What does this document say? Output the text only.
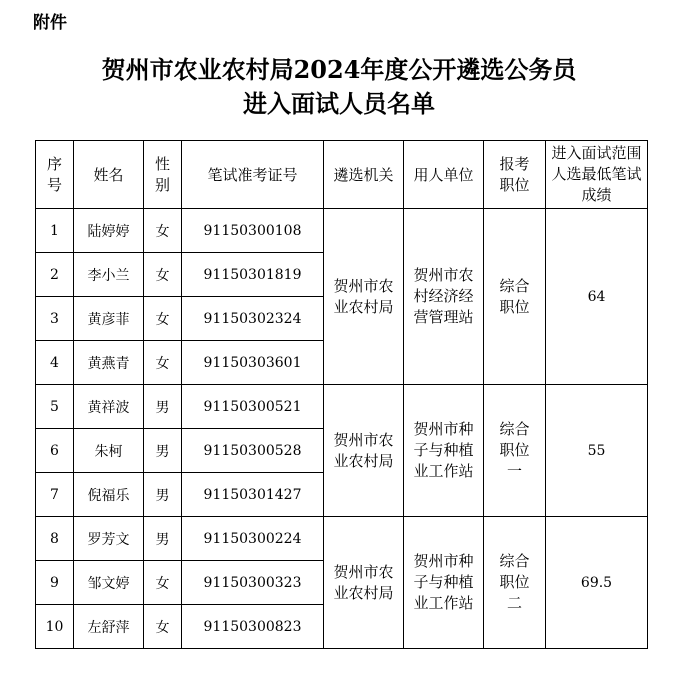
附件
贺州市农业农村局2024年度公开遴选公务员
进入面试人员名单
序号	姓名	性别	笔试准考证号	遴选机关	用人单位	报考职位	进入面试范围人选最低笔试成绩
1	陆婷婷	女	91150300108	贺州市农业农村局	贺州市农村经济经营管理站	综合职位	64
2	李小兰	女	91150301819				
3	黄彦菲	女	91150302324				
4	黄燕青	女	91150303601				
5	黄祥波	男	91150300521	贺州市农业农村局	贺州市种子与种植业工作站	综合职位一	55
6	朱柯	男	91150300528				
7	倪福乐	男	91150301427				
8	罗芳文	男	91150300224	贺州市农业农村局	贺州市种子与种植业工作站	综合职位二	69.5
9	邹文婷	女	91150300323				
10	左舒萍	女	91150300823				
